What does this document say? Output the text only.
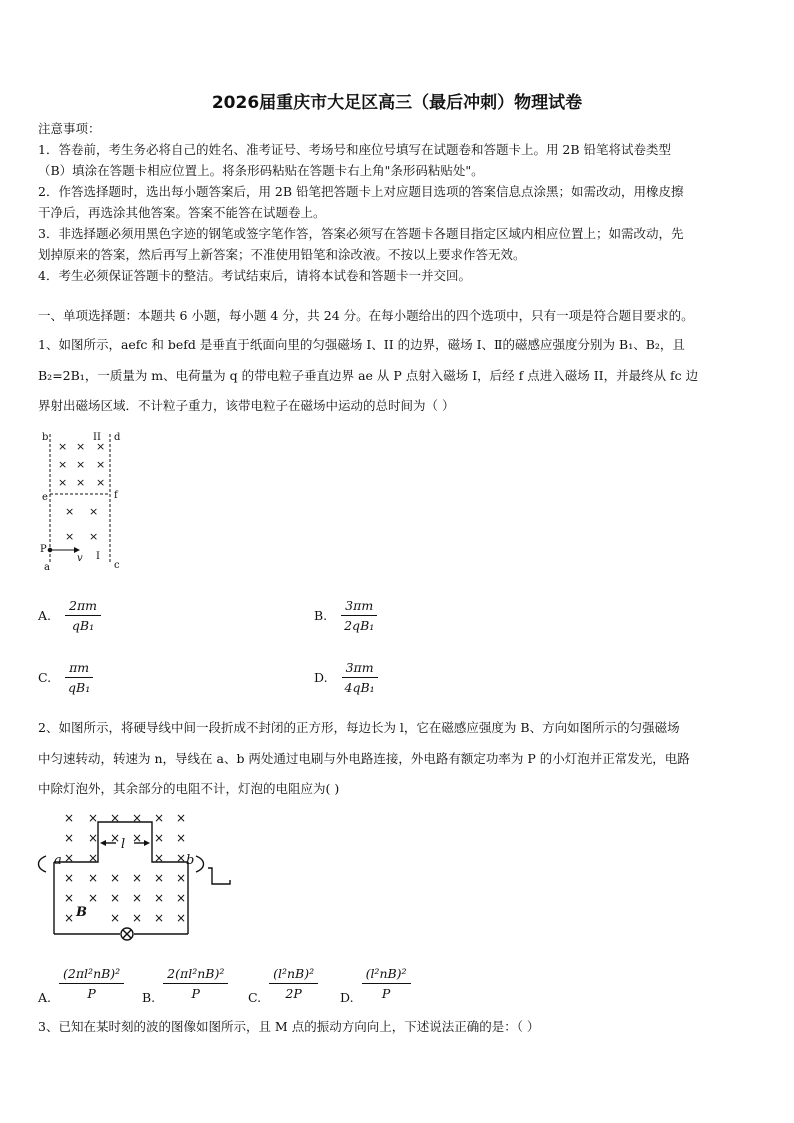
2026届重庆市大足区高三（最后冲刺）物理试卷
注意事项：
1．答卷前，考生务必将自己的姓名、准考证号、考场号和座位号填写在试题卷和答题卡上。用 2B 铅笔将试卷类型
（B）填涂在答题卡相应位置上。将条形码粘贴在答题卡右上角"条形码粘贴处"。
2．作答选择题时，选出每小题答案后，用 2B 铅笔把答题卡上对应题目选项的答案信息点涂黑；如需改动，用橡皮擦
干净后，再选涂其他答案。答案不能答在试题卷上。
3．非选择题必须用黑色字迹的钢笔或签字笔作答，答案必须写在答题卡各题目指定区域内相应位置上；如需改动，先
划掉原来的答案，然后再写上新答案；不准使用铅笔和涂改液。不按以上要求作答无效。
4．考生必须保证答题卡的整洁。考试结束后，请将本试卷和答题卡一并交回。
一、单项选择题：本题共 6 小题，每小题 4 分，共 24 分。在每小题给出的四个选项中，只有一项是符合题目要求的。
1、如图所示，aefc 和 befd 是垂直于纸面向里的匀强磁场 I、II 的边界，磁场 I、Ⅱ的磁感应强度分别为 B₁、B₂，且
B₂=2B₁，一质量为 m、电荷量为 q 的带电粒子垂直边界 ae 从 P 点射入磁场 I，后经 f 点进入磁场 II，并最终从 fc 边
界射出磁场区域．不计粒子重力，该带电粒子在磁场中运动的总时间为（ ）
b	II d
e	f
P
I
v
a	c
× × ×
× × ×
× × ×
× ×
× ×
A. $\frac{2\pi m}{\text{qB₁}}$	B. $\frac{3\pi m}{\text{2qB₁}}$
C. $\frac{\pi m}{\text{qB₁}}$	D. $\frac{3\pi m}{\text{4qB₁}}$
2、如图所示，将硬导线中间一段折成不封闭的正方形，每边长为 l，它在磁感应强度为 B、方向如图所示的匀强磁场
中匀速转动，转速为 n，导线在 a、b 两处通过电刷与外电路连接，外电路有额定功率为 P 的小灯泡并正常发光，电路
中除灯泡外，其余部分的电阻不计，灯泡的电阻应为( )
× × × × × ×
× × × × × ×
× ×	× ×
× × × × × ×
× × × × × ×
×	× × × ×
a	b
l
B
A. $\frac{\text{(2πl²nB)²}}{P} B$. $\frac{\text{2(πl²nB)²}}{P} C$. $\frac{\text{(l²nB)²}}{2P} D$. $\frac{\text{(l²nB)²}}{P}$
3、已知在某时刻的波的图像如图所示，且 M 点的振动方向向上，下述说法正确的是：（ ）
